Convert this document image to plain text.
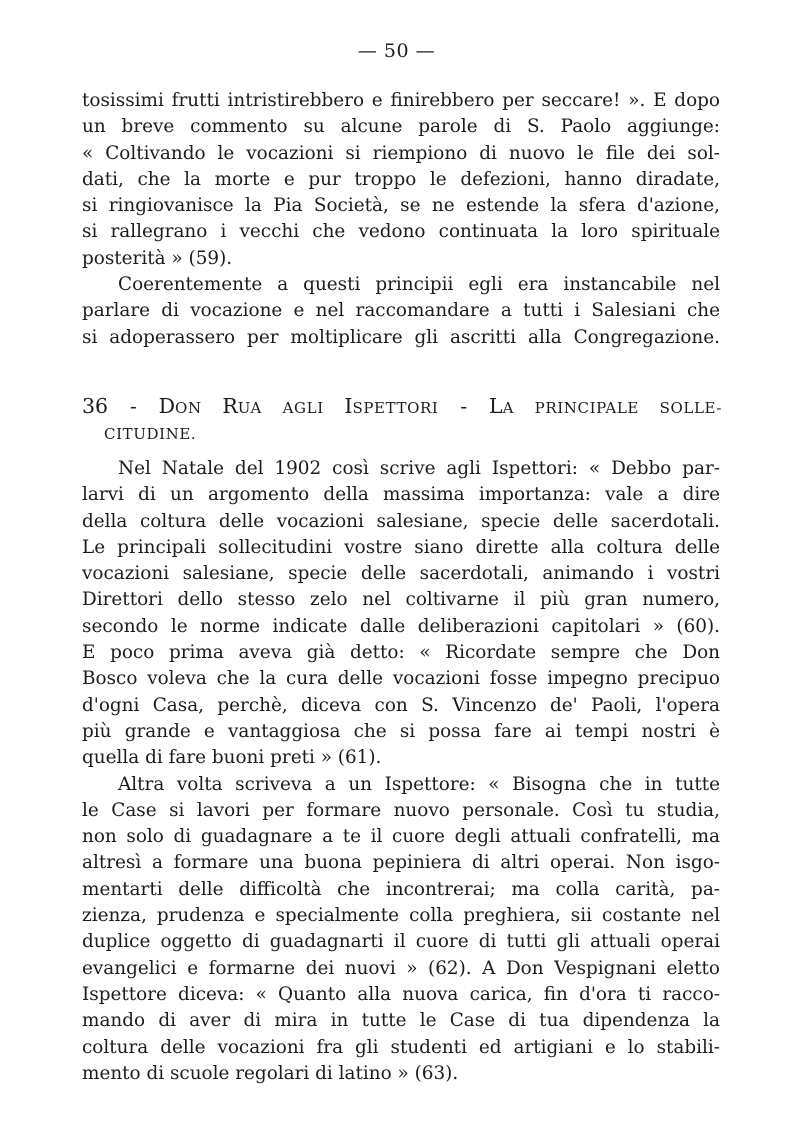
— 50 —
tosissimi frutti intristirebbero e finirebbero per seccare! ». E dopo
un breve commento su alcune parole di S. Paolo aggiunge:
« Coltivando le vocazioni si riempiono di nuovo le file dei sol-
dati, che la morte e pur troppo le defezioni, hanno diradate,
si ringiovanisce la Pia Società, se ne estende la sfera d'azione,
si rallegrano i vecchi che vedono continuata la loro spirituale
posterità » (59).
Coerentemente a questi principii egli era instancabile nel
parlare di vocazione e nel raccomandare a tutti i Salesiani che
si adoperassero per moltiplicare gli ascritti alla Congregazione.
36 - DON RUA AGLI ISPETTORI - LA PRINCIPALE SOLLE-
CITUDINE.
Nel Natale del 1902 così scrive agli Ispettori: « Debbo par-
larvi di un argomento della massima importanza: vale a dire
della coltura delle vocazioni salesiane, specie delle sacerdotali.
Le principali sollecitudini vostre siano dirette alla coltura delle
vocazioni salesiane, specie delle sacerdotali, animando i vostri
Direttori dello stesso zelo nel coltivarne il più gran numero,
secondo le norme indicate dalle deliberazioni capitolari » (60).
E poco prima aveva già detto: « Ricordate sempre che Don
Bosco voleva che la cura delle vocazioni fosse impegno precipuo
d'ogni Casa, perchè, diceva con S. Vincenzo de' Paoli, l'opera
più grande e vantaggiosa che si possa fare ai tempi nostri è
quella di fare buoni preti » (61).
Altra volta scriveva a un Ispettore: « Bisogna che in tutte
le Case si lavori per formare nuovo personale. Così tu studia,
non solo di guadagnare a te il cuore degli attuali confratelli, ma
altresì a formare una buona pepiniera di altri operai. Non isgo-
mentarti delle difficoltà che incontrerai; ma colla carità, pa-
zienza, prudenza e specialmente colla preghiera, sii costante nel
duplice oggetto di guadagnarti il cuore di tutti gli attuali operai
evangelici e formarne dei nuovi » (62). A Don Vespignani eletto
Ispettore diceva: « Quanto alla nuova carica, fin d'ora ti racco-
mando di aver di mira in tutte le Case di tua dipendenza la
coltura delle vocazioni fra gli studenti ed artigiani e lo stabili-
mento di scuole regolari di latino » (63).
